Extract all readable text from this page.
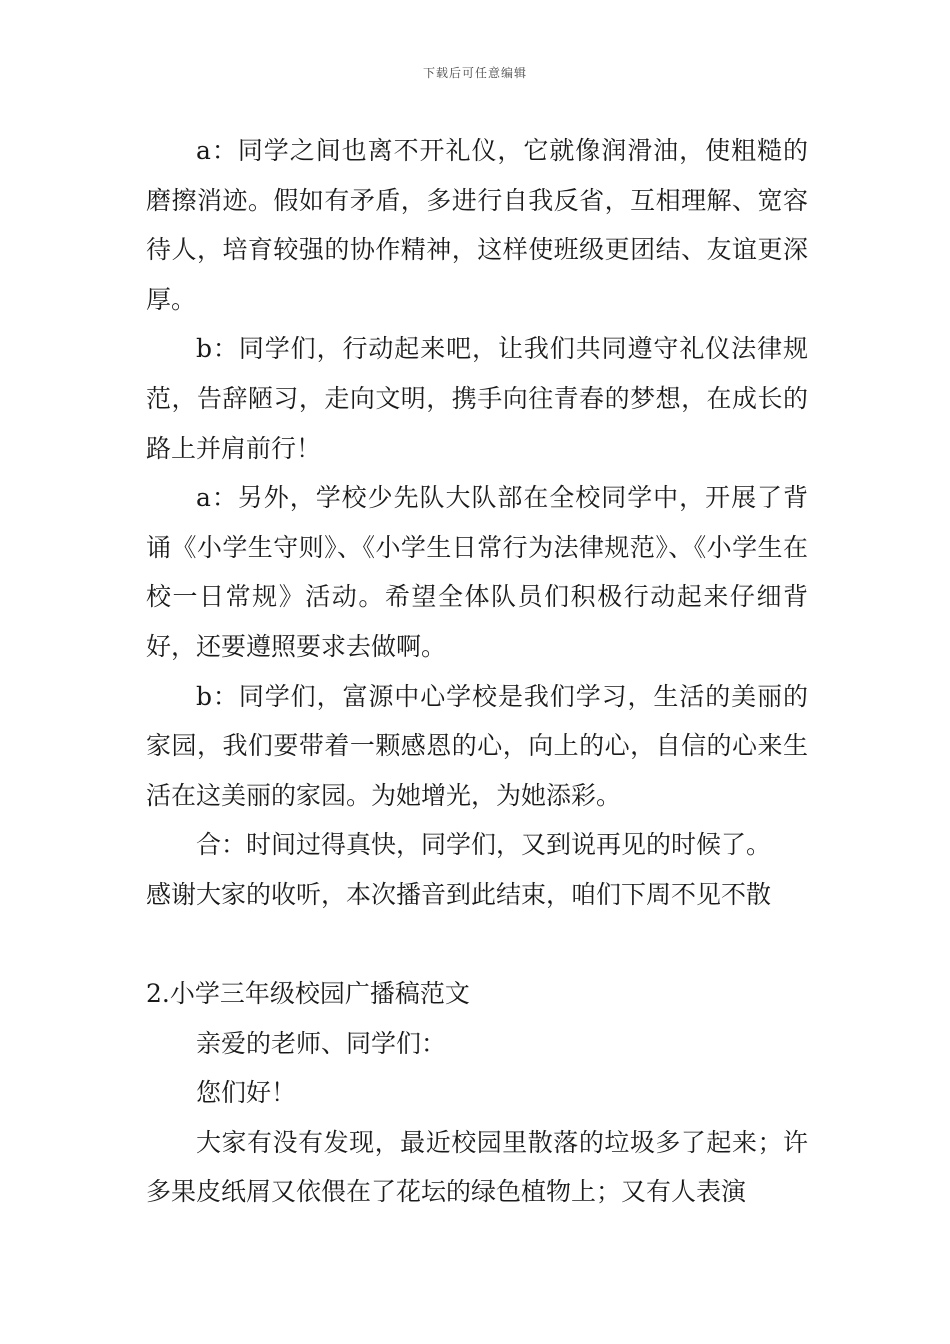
下载后可任意编辑

a：同学之间也离不开礼仪，它就像润滑油，使粗糙的磨擦消迹。假如有矛盾，多进行自我反省，互相理解、宽容待人，培育较强的协作精神，这样使班级更团结、友谊更深厚。

b：同学们，行动起来吧，让我们共同遵守礼仪法律规范，告辞陋习，走向文明，携手向往青春的梦想，在成长的路上并肩前行！

a：另外，学校少先队大队部在全校同学中，开展了背诵《小学生守则》、《小学生日常行为法律规范》、《小学生在校一日常规》活动。希望全体队员们积极行动起来仔细背好，还要遵照要求去做啊。

b：同学们，富源中心学校是我们学习，生活的美丽的家园，我们要带着一颗感恩的心，向上的心，自信的心来生活在这美丽的家园。为她增光，为她添彩。

合：时间过得真快，同学们，又到说再见的时候了。

感谢大家的收听，本次播音到此结束，咱们下周不见不散

2.小学三年级校园广播稿范文

亲爱的老师、同学们：

您们好！

大家有没有发现，最近校园里散落的垃圾多了起来；许多果皮纸屑又依偎在了花坛的绿色植物上；又有人表演
